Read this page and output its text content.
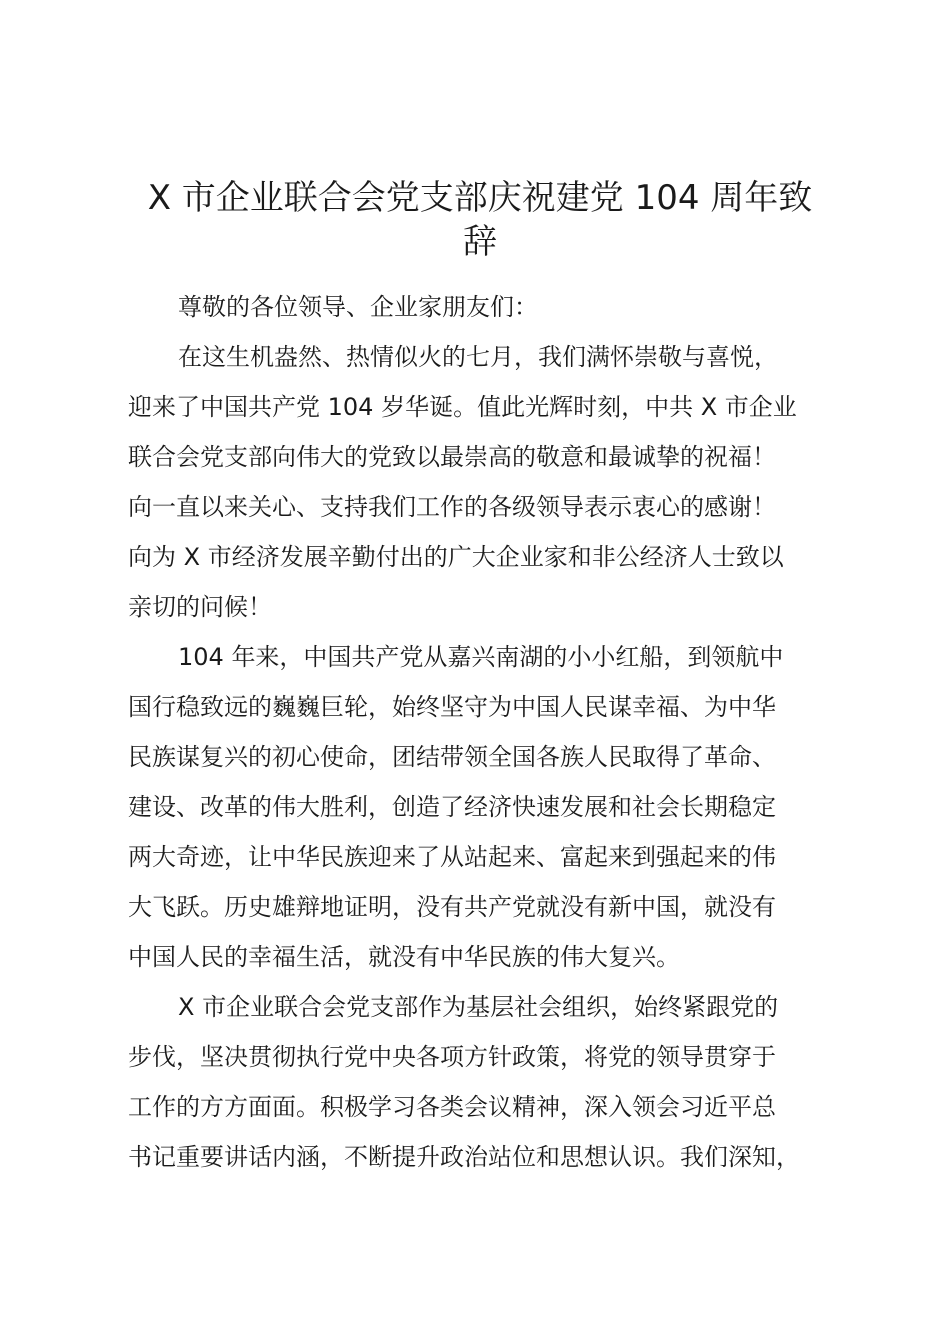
X 市企业联合会党支部庆祝建党 104 周年致
辞
尊敬的各位领导、企业家朋友们：
在这生机盎然、热情似火的七月，我们满怀崇敬与喜悦，
迎来了中国共产党 104 岁华诞。值此光辉时刻，中共 X 市企业
联合会党支部向伟大的党致以最崇高的敬意和最诚挚的祝福！
向一直以来关心、支持我们工作的各级领导表示衷心的感谢！
向为 X 市经济发展辛勤付出的广大企业家和非公经济人士致以
亲切的问候！
104 年来，中国共产党从嘉兴南湖的小小红船，到领航中
国行稳致远的巍巍巨轮，始终坚守为中国人民谋幸福、为中华
民族谋复兴的初心使命，团结带领全国各族人民取得了革命、
建设、改革的伟大胜利，创造了经济快速发展和社会长期稳定
两大奇迹，让中华民族迎来了从站起来、富起来到强起来的伟
大飞跃。历史雄辩地证明，没有共产党就没有新中国，就没有
中国人民的幸福生活，就没有中华民族的伟大复兴。
X 市企业联合会党支部作为基层社会组织，始终紧跟党的
步伐，坚决贯彻执行党中央各项方针政策，将党的领导贯穿于
工作的方方面面。积极学习各类会议精神，深入领会习近平总
书记重要讲话内涵，不断提升政治站位和思想认识。我们深知，
